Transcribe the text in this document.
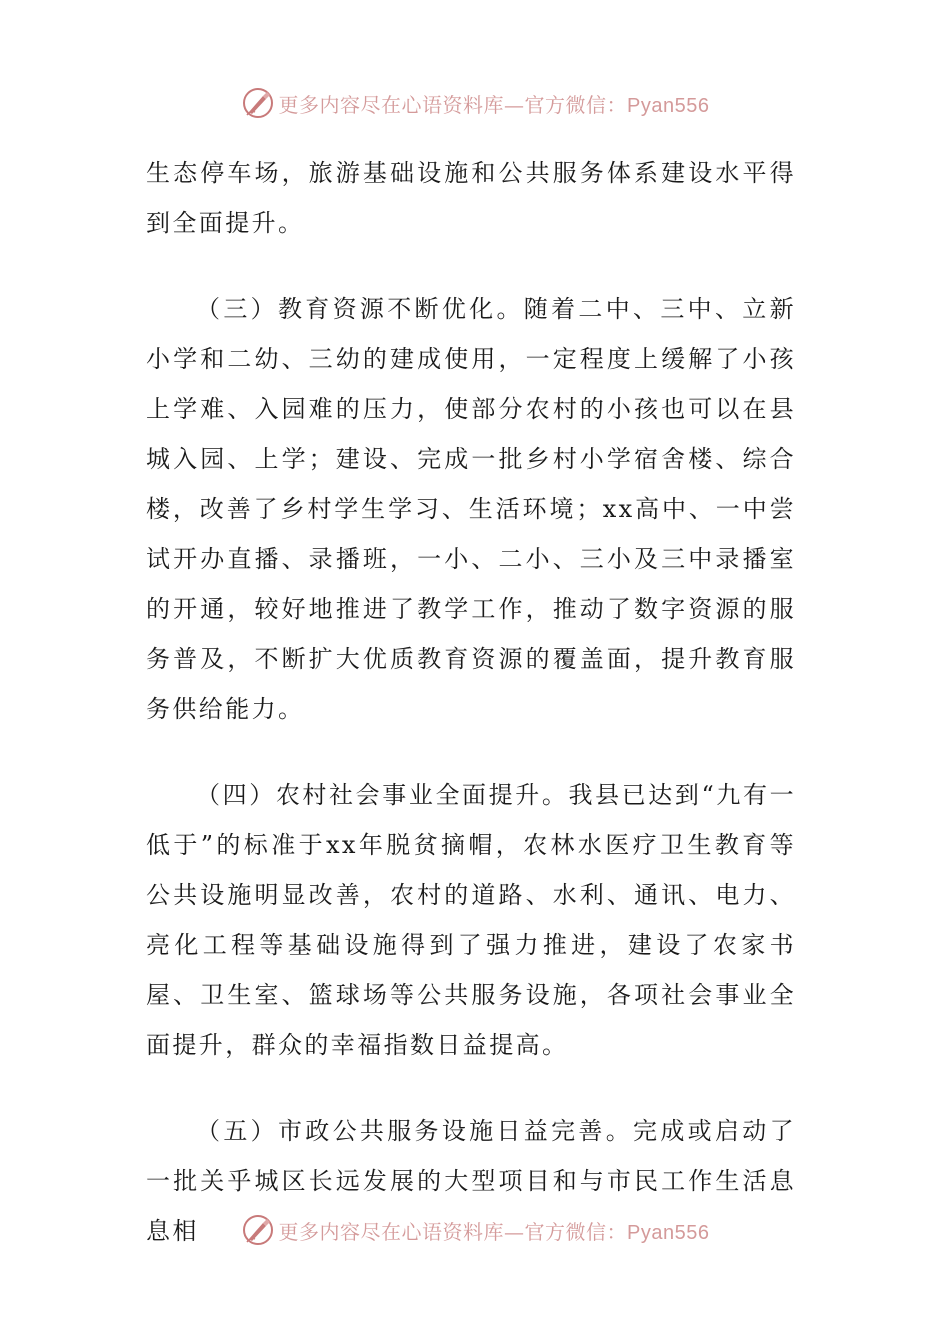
更多内容尽在心语资料库—官方微信：Pyan556

生态停车场，旅游基础设施和公共服务体系建设水平得到全面提升。

（三）教育资源不断优化。随着二中、三中、立新小学和二幼、三幼的建成使用，一定程度上缓解了小孩上学难、入园难的压力，使部分农村的小孩也可以在县城入园、上学；建设、完成一批乡村小学宿舍楼、综合楼，改善了乡村学生学习、生活环境；xx高中、一中尝试开办直播、录播班，一小、二小、三小及三中录播室的开通，较好地推进了教学工作，推动了数字资源的服务普及，不断扩大优质教育资源的覆盖面，提升教育服务供给能力。

（四）农村社会事业全面提升。我县已达到“九有一低于”的标准于xx年脱贫摘帽，农林水医疗卫生教育等公共设施明显改善，农村的道路、水利、通讯、电力、亮化工程等基础设施得到了强力推进，建设了农家书屋、卫生室、篮球场等公共服务设施，各项社会事业全面提升，群众的幸福指数日益提高。

（五）市政公共服务设施日益完善。完成或启动了一批关乎城区长远发展的大型项目和与市民工作生活息息相	更多内容尽在心语资料库—官方微信：Pyan556
